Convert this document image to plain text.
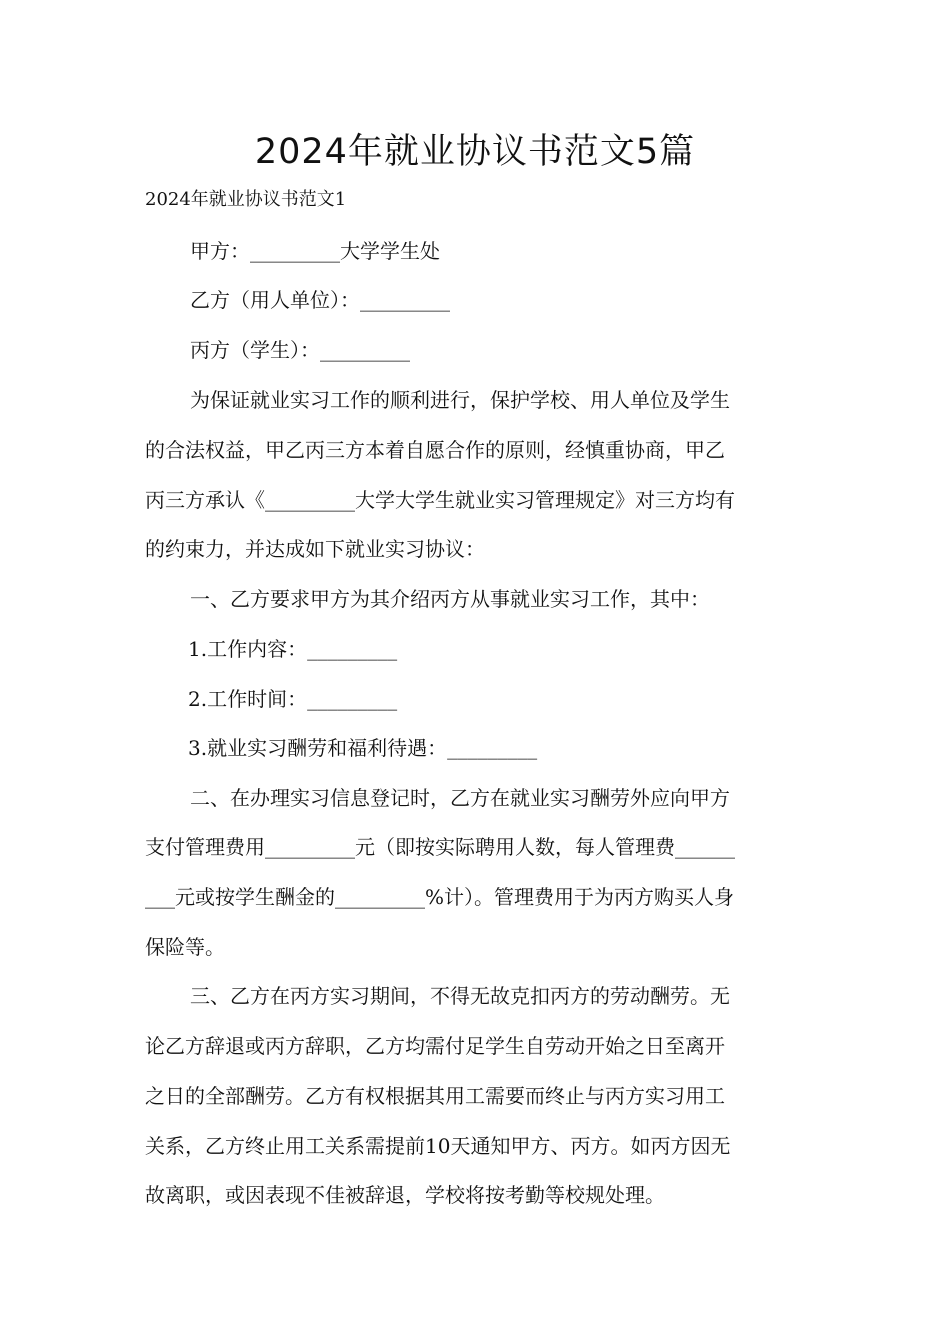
2024年就业协议书范文5篇
2024年就业协议书范文1
甲方：_________大学学生处
乙方（用人单位）：_________
丙方（学生）：_________
为保证就业实习工作的顺利进行，保护学校、用人单位及学生
的合法权益，甲乙丙三方本着自愿合作的原则，经慎重协商，甲乙
丙三方承认《_________大学大学生就业实习管理规定》对三方均有
的约束力，并达成如下就业实习协议：
一、乙方要求甲方为其介绍丙方从事就业实习工作，其中：
1.工作内容：_________
2.工作时间：_________
3.就业实习酬劳和福利待遇：_________
二、在办理实习信息登记时，乙方在就业实习酬劳外应向甲方
支付管理费用_________元（即按实际聘用人数，每人管理费______
___元或按学生酬金的_________%计）。管理费用于为丙方购买人身
保险等。
三、乙方在丙方实习期间，不得无故克扣丙方的劳动酬劳。无
论乙方辞退或丙方辞职，乙方均需付足学生自劳动开始之日至离开
之日的全部酬劳。乙方有权根据其用工需要而终止与丙方实习用工
关系，乙方终止用工关系需提前10天通知甲方、丙方。如丙方因无
故离职，或因表现不佳被辞退，学校将按考勤等校规处理。
